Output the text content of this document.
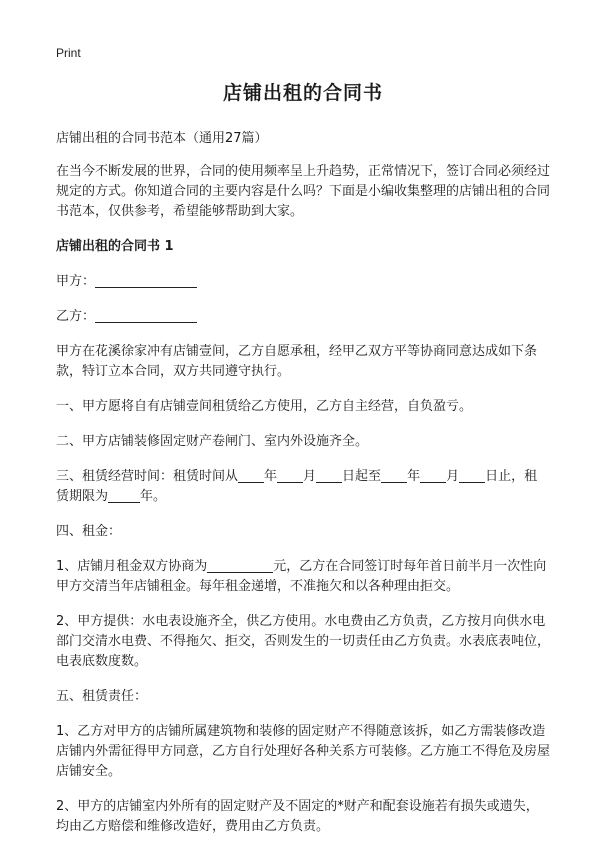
Print
店铺出租的合同书

店铺出租的合同书范本（通用27篇）

在当今不断发展的世界，合同的使用频率呈上升趋势，正常情况下，签订合同必须经过规定的方式。你知道合同的主要内容是什么吗？下面是小编收集整理的店铺出租的合同书范本，仅供参考，希望能够帮助到大家。

店铺出租的合同书 1

甲方：

乙方：

甲方在花溪徐家冲有店铺壹间，乙方自愿承租，经甲乙双方平等协商同意达成如下条款，特订立本合同，双方共同遵守执行。

一、甲方愿将自有店铺壹间租赁给乙方使用，乙方自主经营，自负盈亏。

二、甲方店铺装修固定财产卷闸门、室内外设施齐全。

三、租赁经营时间：租赁时间从 年 月 日起至 年 月 日止，租赁期限为 年。

四、租金：

1、店铺月租金双方协商为	元，乙方在合同签订时每年首日前半月一次性向甲方交清当年店铺租金。每年租金递增，不准拖欠和以各种理由拒交。

2、甲方提供：水电表设施齐全，供乙方使用。水电费由乙方负责，乙方按月向供水电部门交清水电费、不得拖欠、拒交，否则发生的一切责任由乙方负责。水表底表吨位，电表底数度数。

五、租赁责任：

1、乙方对甲方的店铺所属建筑物和装修的固定财产不得随意该拆，如乙方需装修改造店铺内外需征得甲方同意，乙方自行处理好各种关系方可装修。乙方施工不得危及房屋店铺安全。

2、甲方的店铺室内外所有的固定财产及不固定的*财产和配套设施若有损失或遗失，均由乙方赔偿和维修改造好，费用由乙方负责。
